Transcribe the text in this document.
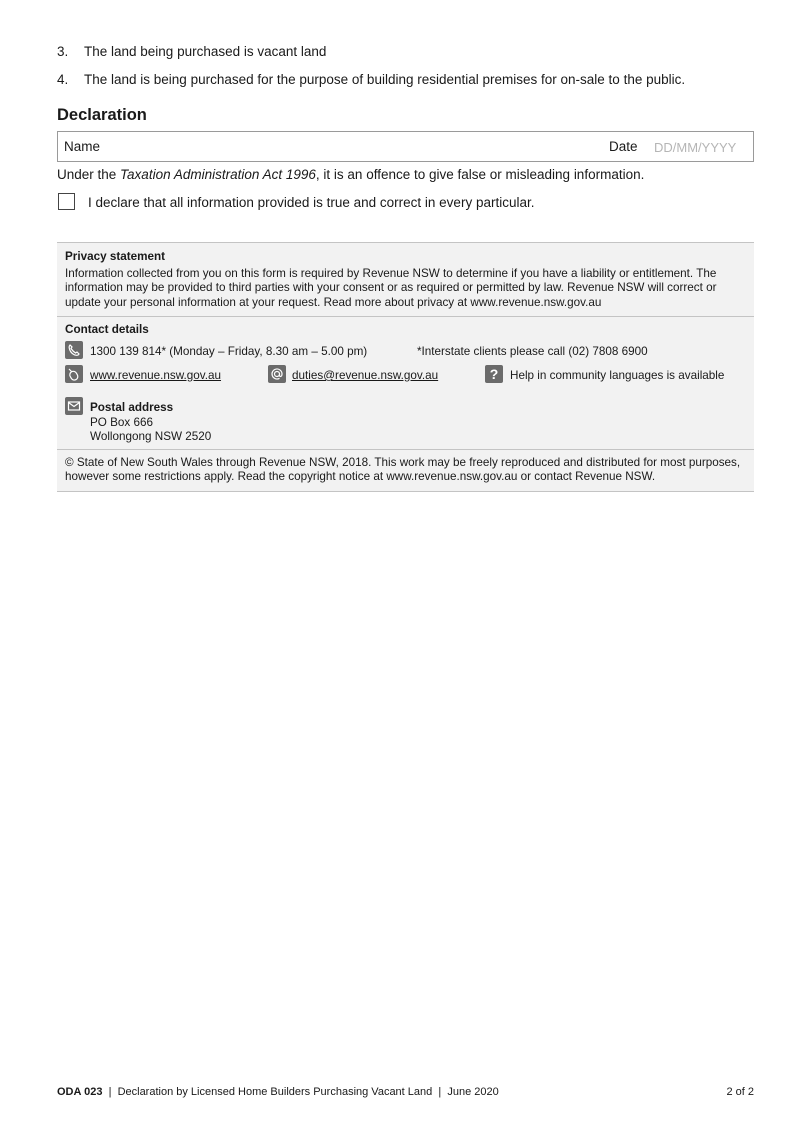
3.	The land being purchased is vacant land
4.	The land is being purchased for the purpose of building residential premises for on-sale to the public.
Declaration
Name	Date
DD/MM/YYYY
Under the Taxation Administration Act 1996, it is an offence to give false or misleading information.
I declare that all information provided is true and correct in every particular.
Privacy statement
Information collected from you on this form is required by Revenue NSW to determine if you have a liability or entitlement. The information may be provided to third parties with your consent or as required or permitted by law. Revenue NSW will correct or update your personal information at your request. Read more about privacy at www.revenue.nsw.gov.au
Contact details
1300 139 814* (Monday – Friday, 8.30 am – 5.00 pm)	*Interstate clients please call (02) 7808 6900
www.revenue.nsw.gov.au	duties@revenue.nsw.gov.au	?	Help in community languages is available
Postal address
PO Box 666
Wollongong NSW 2520
© State of New South Wales through Revenue NSW, 2018. This work may be freely reproduced and distributed for most purposes, however some restrictions apply. Read the copyright notice at www.revenue.nsw.gov.au or contact Revenue NSW.
ODA 023 | Declaration by Licensed Home Builders Purchasing Vacant Land | June 2020	2 of 2
